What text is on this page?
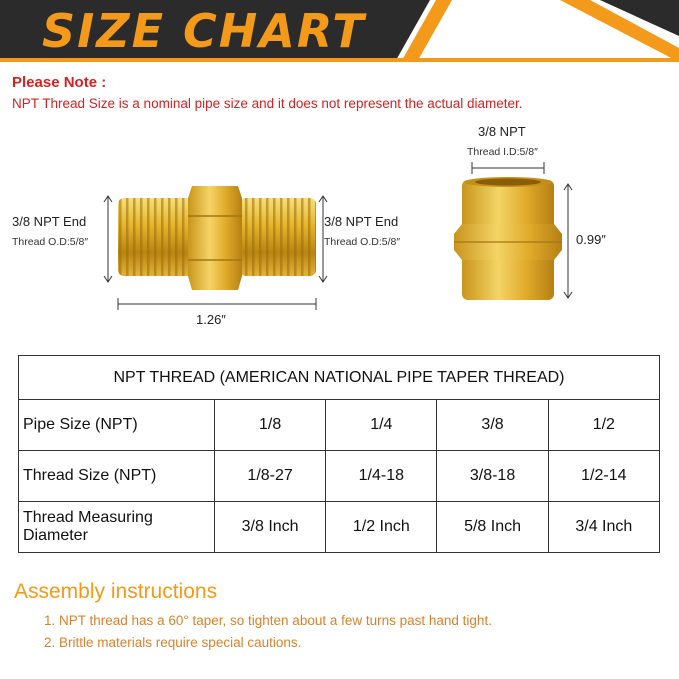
SIZE CHART
Please Note :
NPT Thread Size is a nominal pipe size and it does not represent the actual diameter.
3/8 NPT End
Thread O.D:5/8″
3/8 NPT End
Thread O.D:5/8″
1.26″
3/8 NPT
Thread I.D:5/8″
0.99″
NPT THREAD (AMERICAN NATIONAL PIPE TAPER THREAD)				
Pipe Size (NPT)	1/8	1/4	3/8	1/2
Thread Size (NPT)	1/8-27	1/4-18	3/8-18	1/2-14

Thread Measuring
Diameter	3/8 Inch	1/2 Inch	5/8 Inch	3/4 Inch
Assembly instructions
1. NPT thread has a 60° taper, so tighten about a few turns past hand tight.
2. Brittle materials require special cautions.
